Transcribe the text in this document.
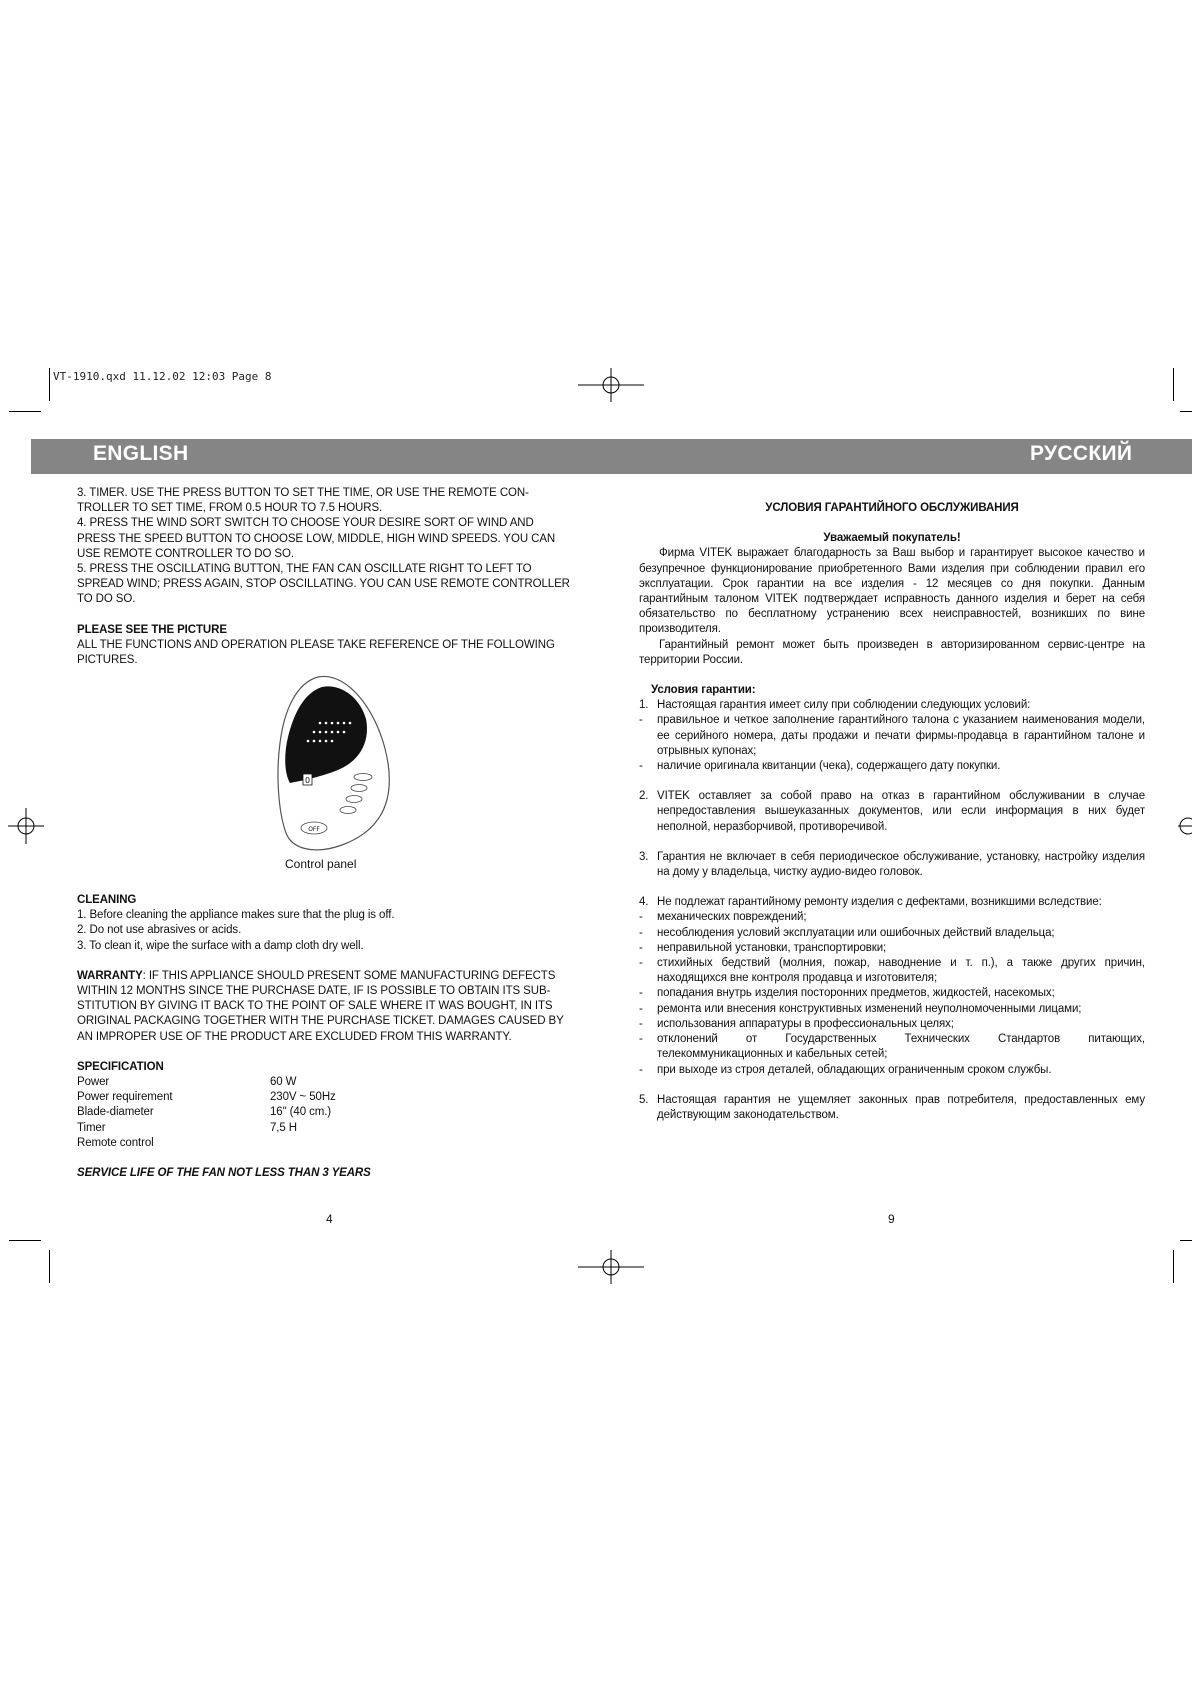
VT-1910.qxd 11.12.02 12:03 Page 8
ENGLISH	РУССКИЙ

3. TIMER. USE THE PRESS BUTTON TO SET THE TIME, OR USE THE REMOTE CON-

TROLLER TO SET TIME, FROM 0.5 HOUR TO 7.5 HOURS.

4. PRESS THE WIND SORT SWITCH TO CHOOSE YOUR DESIRE SORT OF WIND AND

PRESS THE SPEED BUTTON TO CHOOSE LOW, MIDDLE, HIGH WIND SPEEDS. YOU CAN

USE REMOTE CONTROLLER TO DO SO.

5. PRESS THE OSCILLATING BUTTON, THE FAN CAN OSCILLATE RIGHT TO LEFT TO

SPREAD WIND; PRESS AGAIN, STOP OSCILLATING. YOU CAN USE REMOTE CONTROLLER

TO DO SO.

PLEASE SEE THE PICTURE

ALL THE FUNCTIONS AND OPERATION PLEASE TAKE REFERENCE OF THE FOLLOWING

PICTURES.

0
OFF
Control panel

CLEANING

1. Before cleaning the appliance makes sure that the plug is off.

2. Do not use abrasives or acids.

3. To clean it, wipe the surface with a damp cloth dry well.

WARRANTY: IF THIS APPLIANCE SHOULD PRESENT SOME MANUFACTURING DEFECTS

WITHIN 12 MONTHS SINCE THE PURCHASE DATE, IF IS POSSIBLE TO OBTAIN ITS SUB-

STITUTION BY GIVING IT BACK TO THE POINT OF SALE WHERE IT WAS BOUGHT, IN ITS

ORIGINAL PACKAGING TOGETHER WITH THE PURCHASE TICKET. DAMAGES CAUSED BY

AN IMPROPER USE OF THE PRODUCT ARE EXCLUDED FROM THIS WARRANTY.

SPECIFICATION

Power	60 W
Power requirement	230V ~ 50Hz
Blade-diameter	16" (40 cm.)
Timer	7,5 H
Remote control

SERVICE LIFE OF THE FAN NOT LESS THAN 3 YEARS

4

УСЛОВИЯ ГАРАНТИЙНОГО ОБСЛУЖИВАНИЯ

Уважаемый покупатель!

Фирма VITEK выражает благодарность за Ваш выбор и гарантирует высокое качество и безупречное функционирование приобретенного Вами изделия при соблюдении правил его эксплуатации. Срок гарантии на все изделия - 12 месяцев со дня покупки. Данным гарантийным талоном VITEK подтверждает исправность данного изделия и берет на себя обязательство по бесплатному устранению всех неисправностей, возникших по вине производителя.

Гарантийный ремонт может быть произведен в авторизированном сервис-центре на территории России.

Условия гарантии:

1. Настоящая гарантия имеет силу при соблюдении следующих условий:
-	правильное и четкое заполнение гарантийного талона с указанием наименования модели, ее серийного номера, даты продажи и печати фирмы-продавца в гарантийном талоне и отрывных купонах;
-	наличие оригинала квитанции (чека), содержащего дату покупки.
2. VITEK оставляет за собой право на отказ в гарантийном обслуживании в случае непредоставления вышеуказанных документов, или если информация в них будет неполной, неразборчивой, противоречивой.
3. Гарантия не включает в себя периодическое обслуживание, установку, настройку изделия на дому у владельца, чистку аудио-видео головок.
4. Не подлежат гарантийному ремонту изделия с дефектами, возникшими вследствие:
-	механических повреждений;
-	несоблюдения условий эксплуатации или ошибочных действий владельца;
-	неправильной установки, транспортировки;
-	стихийных бедствий (молния, пожар, наводнение и т. п.), а также других причин, находящихся вне контроля продавца и изготовителя;
-	попадания внутрь изделия посторонних предметов, жидкостей, насекомых;
-	ремонта или внесения конструктивных изменений неуполномоченными лицами;
-	использования аппаратуры в профессиональных целях;
-	отклонений от Государственных Технических Стандартов питающих, телекоммуникационных и кабельных сетей;
-	при выходе из строя деталей, обладающих ограниченным сроком службы.
5. Настоящая гарантия не ущемляет законных прав потребителя, предоставленных ему действующим законодательством.
9
